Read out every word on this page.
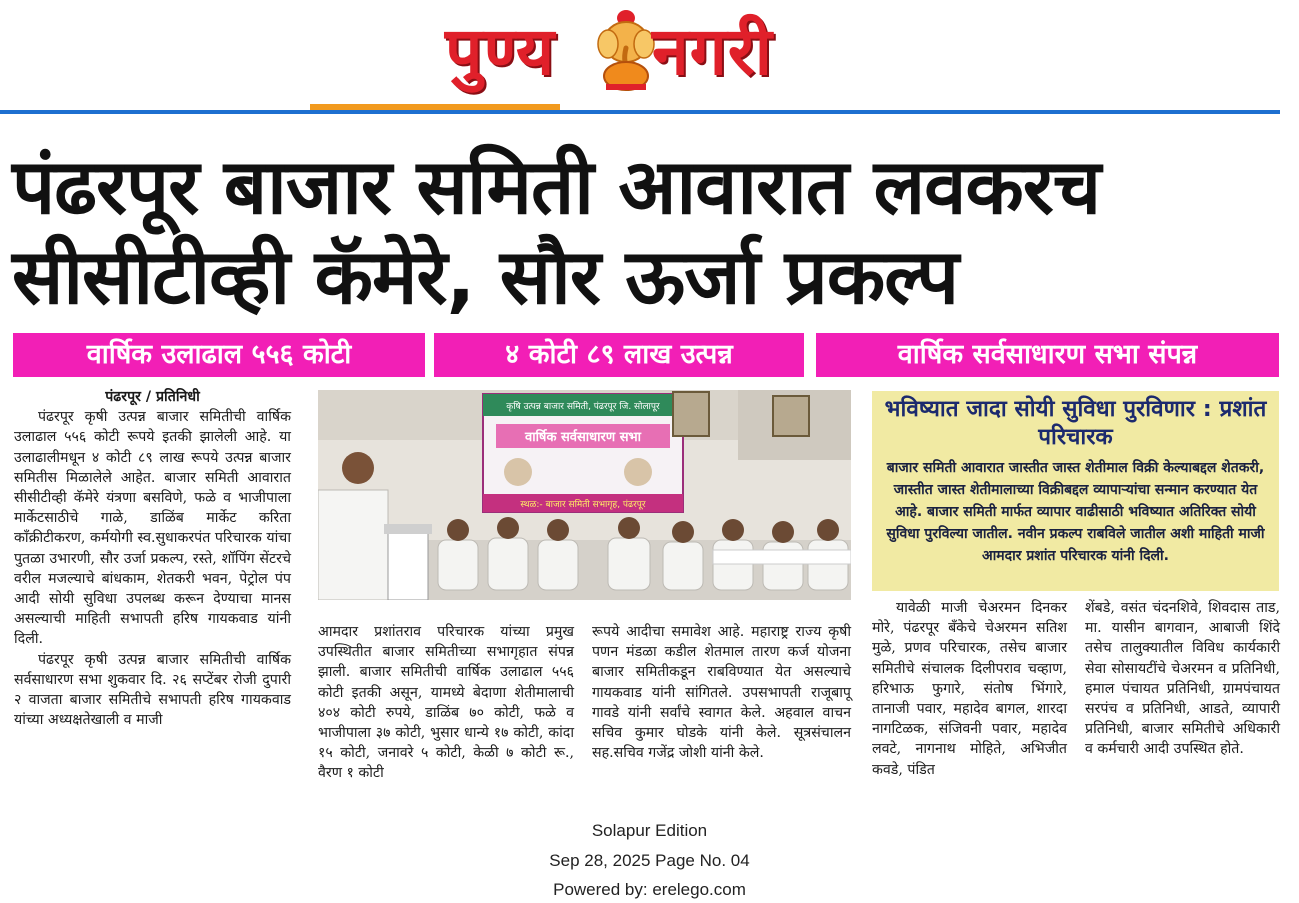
पुण्य नगरी
पंढरपूर बाजार समिती आवारात लवकरच
सीसीटीव्ही कॅमेरे, सौर ऊर्जा प्रकल्प
वार्षिक उलाढाल ५५६ कोटी	४ कोटी ८९ लाख उत्पन्न	वार्षिक सर्वसाधारण सभा संपन्न

पंढरपूर / प्रतिनिधी

पंढरपूर कृषी उत्पन्न बाजार समितीची वार्षिक उलाढाल ५५६ कोटी रूपये इतकी झालेली आहे. या उलाढालीमधून ४ कोटी ८९ लाख रूपये उत्पन्न बाजार समितीस मिळालेले आहेत. बाजार समिती आवारात सीसीटीव्ही कॅमेरे यंत्रणा बसविणे, फळे व भाजीपाला मार्केटसाठीचे गाळे, डाळिंब मार्केट करिता काँक्रीटीकरण, कर्मयोगी स्व.सुधाकरपंत परिचारक यांचा पुतळा उभारणी, सौर उर्जा प्रकल्प, रस्ते, शॉपिंग सेंटरचे वरील मजल्याचे बांधकाम, शेतकरी भवन, पेट्रोल पंप आदी सोयी सुविधा उपलब्ध करून देण्याचा मानस असल्याची माहिती सभापती हरिष गायकवाड यांनी दिली.

पंढरपूर कृषी उत्पन्न बाजार समितीची वार्षिक सर्वसाधारण सभा शुकवार दि. २६ सप्टेंबर रोजी दुपारी २ वाजता बाजार समितीचे सभापती हरिष गायकवाड यांच्या अध्यक्षतेखाली व माजी

कृषि उत्पन्न बाजार समिती, पंढरपूर जि. सोलापूर
वार्षिक सर्वसाधारण सभा
स्थळ:- बाजार समिती सभागृह, पंढरपूर

आमदार प्रशांतराव परिचारक यांच्या प्रमुख उपस्थितीत बाजार समितीच्या सभागृहात संपन्न झाली. बाजार समितीची वार्षिक उलाढाल ५५६ कोटी इतकी असून, यामध्ये बेदाणा शेतीमालाची ४०४ कोटी रुपये, डाळिंब ७० कोटी, फळे व भाजीपाला ३७ कोटी, भुसार धान्ये १७ कोटी, कांदा १५ कोटी, जनावरे ५ कोटी, केळी ७ कोटी रू., वैरण १ कोटी

रूपये आदीचा समावेश आहे. महाराष्ट्र राज्य कृषी पणन मंडळा कडील शेतमाल तारण कर्ज योजना बाजार समितीकडून राबविण्यात येत असल्याचे गायकवाड यांनी सांगितले. उपसभापती राजूबापू गावडे यांनी सर्वांचे स्वागत केले. अहवाल वाचन सचिव कुमार घोडके यांनी केले. सूत्रसंचालन सह.सचिव गजेंद्र जोशी यांनी केले.

भविष्यात जादा सोयी सुविधा पुरविणार : प्रशांत परिचारक
बाजार समिती आवारात जास्तीत जास्त शेतीमाल विक्री केल्याबद्दल शेतकरी, जास्तीत जास्त शेतीमालाच्या विक्रीबद्दल व्यापाऱ्यांचा सन्मान करण्यात येत आहे. बाजार समिती मार्फत व्यापार वाढीसाठी भविष्यात अतिरिक्त सोयी सुविधा पुरविल्या जातील. नवीन प्रकल्प राबविले जातील अशी माहिती माजी आमदार प्रशांत परिचारक यांनी दिली.

यावेळी माजी चेअरमन दिनकर मोरे, पंढरपूर बँकेचे चेअरमन सतिश मुळे, प्रणव परिचारक, तसेच बाजार समितीचे संचालक दिलीपराव चव्हाण, हरिभाऊ फुगारे, संतोष भिंगारे, तानाजी पवार, महादेव बागल, शारदा नागटिळक, संजिवनी पवार, महादेव लवटे, नागनाथ मोहिते, अभिजीत कवडे, पंडित

शेंबडे, वसंत चंदनशिवे, शिवदास ताड, मा. यासीन बागवान, आबाजी शिंदे तसेच तालुक्यातील विविध कार्यकारी सेवा सोसायटींचे चेअरमन व प्रतिनिधी, हमाल पंचायत प्रतिनिधी, ग्रामपंचायत सरपंच व प्रतिनिधी, आडते, व्यापारी प्रतिनिधी, बाजार समितीचे अधिकारी व कर्मचारी आदी उपस्थित होते.

Solapur Edition
Sep 28, 2025 Page No. 04
Powered by: erelego.com
